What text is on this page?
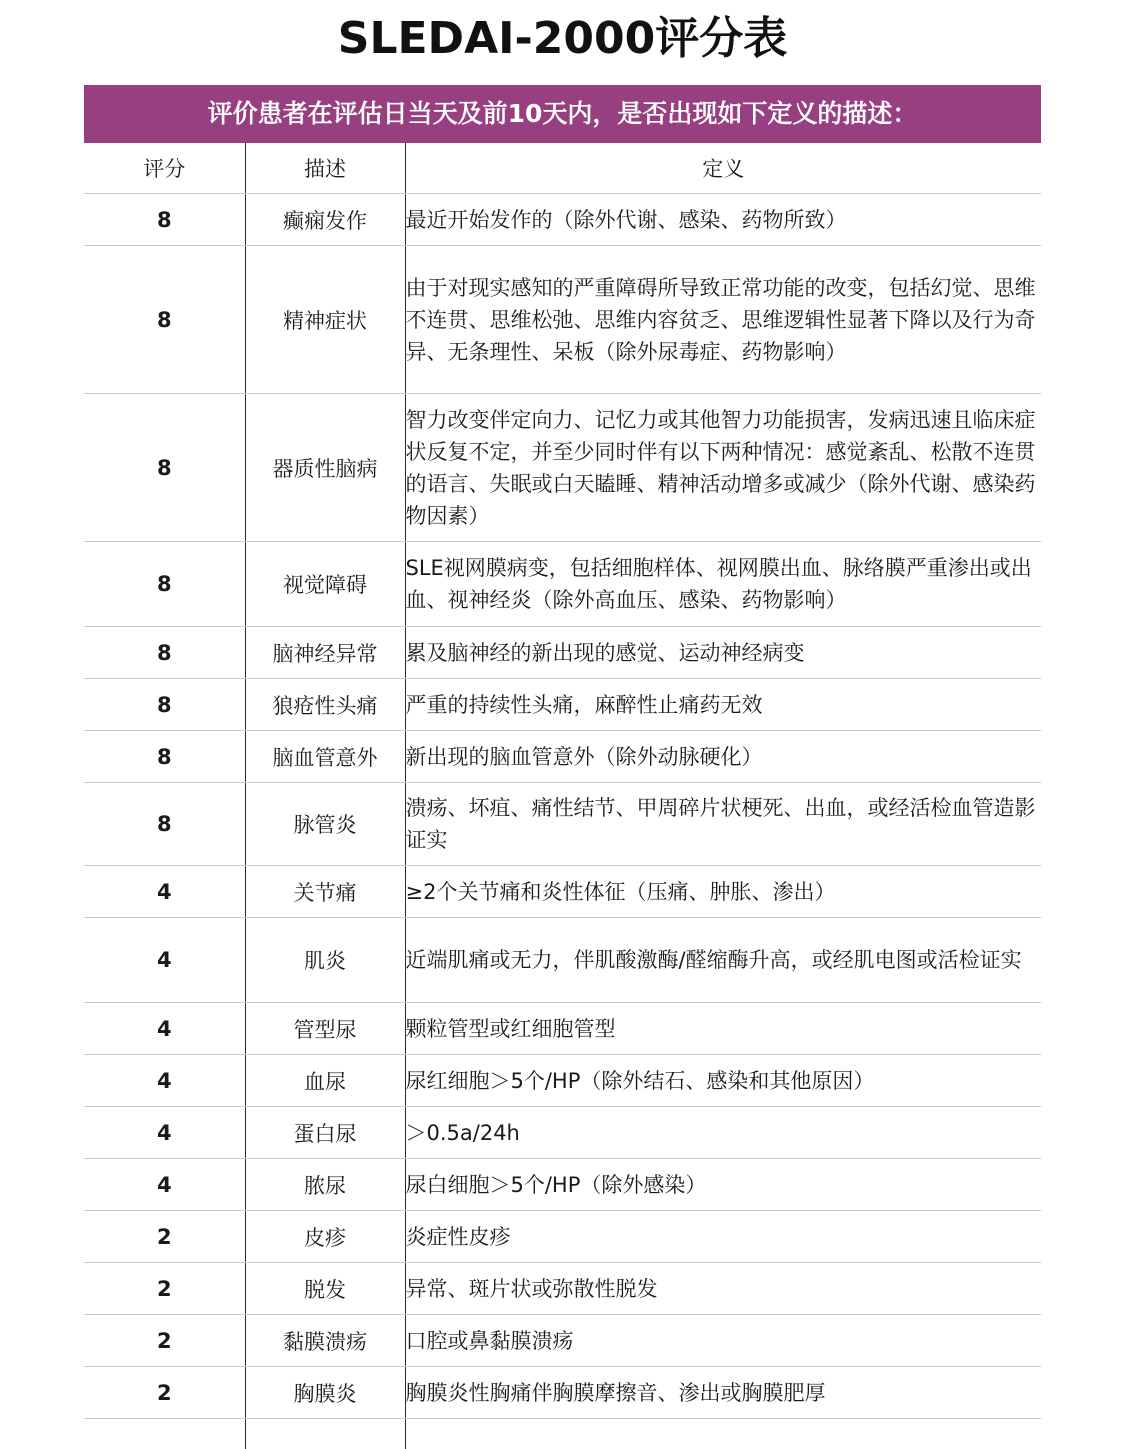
SLEDAI-2000评分表
评价患者在评估日当天及前10天内，是否出现如下定义的描述：
评分	描述	定义
8	癫痫发作	最近开始发作的（除外代谢、感染、药物所致）
8	精神症状	由于对现实感知的严重障碍所导致正常功能的改变，包括幻觉、思维不连贯、思维松弛、思维内容贫乏、思维逻辑性显著下降以及行为奇异、无条理性、呆板（除外尿毒症、药物影响）
8	器质性脑病	智力改变伴定向力、记忆力或其他智力功能损害，发病迅速且临床症状反复不定，并至少同时伴有以下两种情况：感觉紊乱、松散不连贯的语言、失眠或白天瞌睡、精神活动增多或减少（除外代谢、感染药物因素）
8	视觉障碍	SLE视网膜病变，包括细胞样体、视网膜出血、脉络膜严重渗出或出血、视神经炎（除外高血压、感染、药物影响）
8	脑神经异常	累及脑神经的新出现的感觉、运动神经病变
8	狼疮性头痛	严重的持续性头痛，麻醉性止痛药无效
8	脑血管意外	新出现的脑血管意外（除外动脉硬化）
8	脉管炎	溃疡、坏疽、痛性结节、甲周碎片状梗死、出血，或经活检血管造影证实
4	关节痛	≥2个关节痛和炎性体征（压痛、肿胀、渗出）
4	肌炎	近端肌痛或无力，伴肌酸激酶/醛缩酶升高，或经肌电图或活检证实
4	管型尿	颗粒管型或红细胞管型
4	血尿	尿红细胞＞5个/HP（除外结石、感染和其他原因）
4	蛋白尿	＞0.5a/24h
4	脓尿	尿白细胞＞5个/HP（除外感染）
2	皮疹	炎症性皮疹
2	脱发	异常、斑片状或弥散性脱发
2	黏膜溃疡	口腔或鼻黏膜溃疡
2	胸膜炎	胸膜炎性胸痛伴胸膜摩擦音、渗出或胸膜肥厚
